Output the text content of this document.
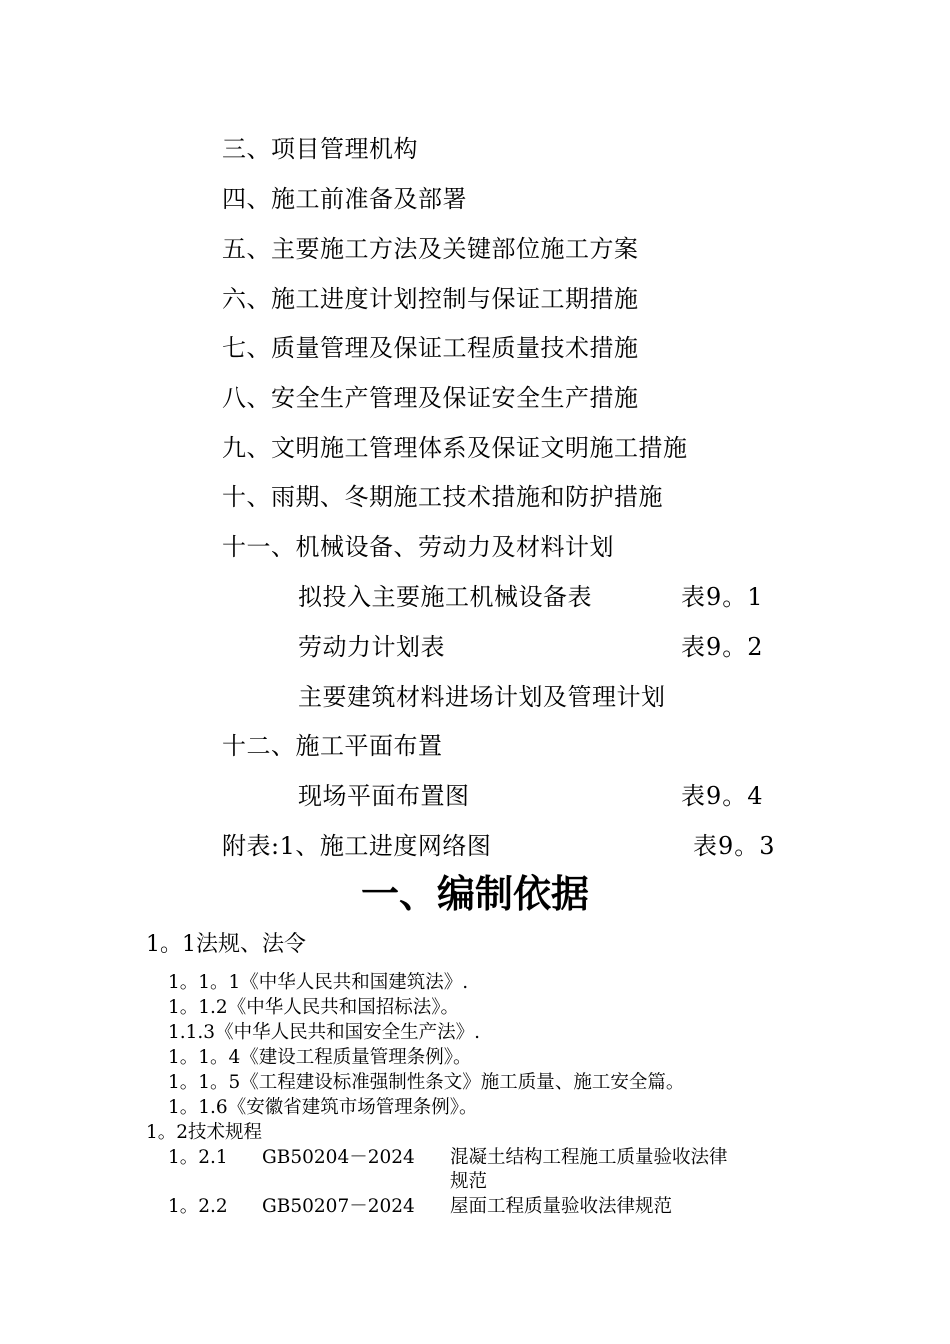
三、项目管理机构
四、施工前准备及部署
五、主要施工方法及关键部位施工方案
六、施工进度计划控制与保证工期措施
七、质量管理及保证工程质量技术措施
八、安全生产管理及保证安全生产措施
九、文明施工管理体系及保证文明施工措施
十、雨期、冬期施工技术措施和防护措施
十一、机械设备、劳动力及材料计划
拟投入主要施工机械设备表	表9。1
劳动力计划表	表9。2
主要建筑材料进场计划及管理计划
十二、施工平面布置
现场平面布置图	表9。4
附表:1、施工进度网络图	表9。3
一、编制依据
1。1法规、法令
1。1。1《中华人民共和国建筑法》.
1。1.2《中华人民共和国招标法》。
1.1.3《中华人民共和国安全生产法》.
1。1。4《建设工程质量管理条例》。
1。1。5《工程建设标准强制性条文》施工质量、施工安全篇。
1。1.6《安徽省建筑市场管理条例》。
1。2技术规程
1。2.1 GB50204－2024 混凝土结构工程施工质量验收法律
规范
1。2.2 GB50207－2024 屋面工程质量验收法律规范
